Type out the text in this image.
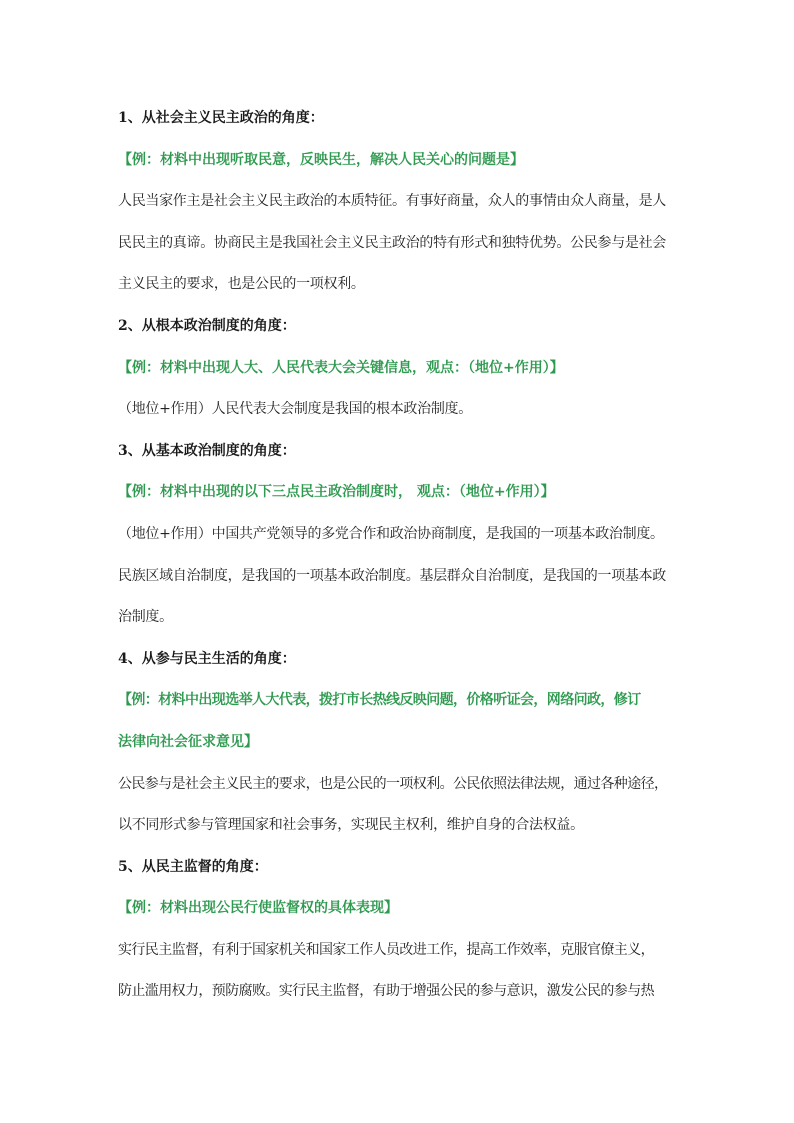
1、从社会主义民主政治的角度：
【例：材料中出现听取民意，反映民生，解决人民关心的问题是】
人民当家作主是社会主义民主政治的本质特征。有事好商量，众人的事情由众人商量，是人
民民主的真谛。协商民主是我国社会主义民主政治的特有形式和独特优势。公民参与是社会
主义民主的要求，也是公民的一项权利。
2、从根本政治制度的角度：
【例：材料中出现人大、人民代表大会关键信息，观点：（地位+作用）】
（地位+作用）人民代表大会制度是我国的根本政治制度。
3、从基本政治制度的角度：
【例：材料中出现的以下三点民主政治制度时， 观点：（地位+作用）】
（地位+作用）中国共产党领导的多党合作和政治协商制度，是我国的一项基本政治制度。
民族区域自治制度，是我国的一项基本政治制度。基层群众自治制度，是我国的一项基本政
治制度。
4、从参与民主生活的角度：
【例：材料中出现选举人大代表，拨打市长热线反映问题，价格听证会，网络问政，修订
法律向社会征求意见】
公民参与是社会主义民主的要求，也是公民的一项权利。公民依照法律法规，通过各种途径，
以不同形式参与管理国家和社会事务，实现民主权利，维护自身的合法权益。
5、从民主监督的角度：
【例：材料出现公民行使监督权的具体表现】
实行民主监督，有利于国家机关和国家工作人员改进工作，提高工作效率，克服官僚主义，
防止滥用权力，预防腐败。实行民主监督，有助于增强公民的参与意识，激发公民的参与热
